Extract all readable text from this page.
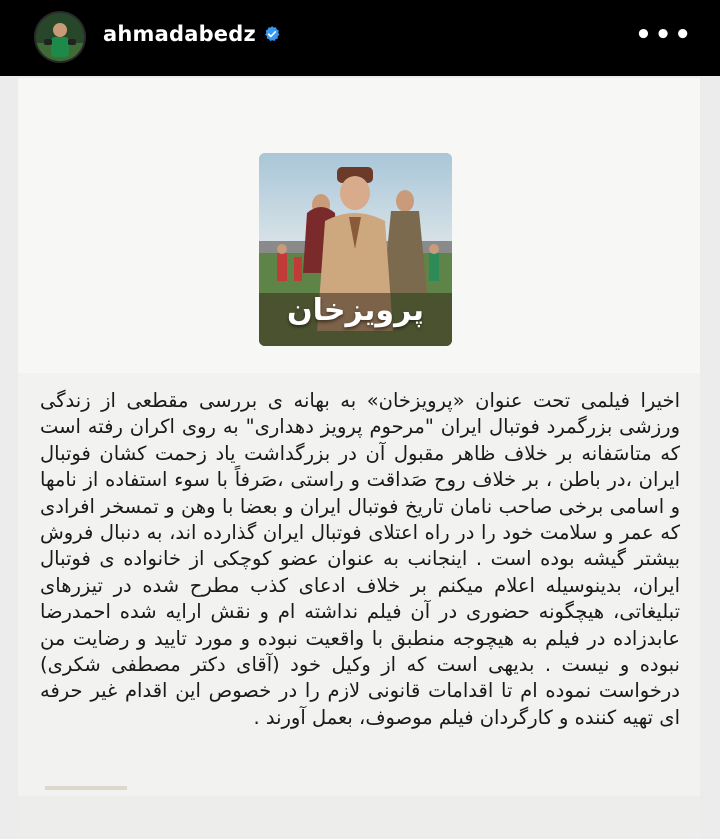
ahmadabedz	•••
پرویزخان
اخیرا فیلمی تحت عنوان «پرویزخان» به بهانه ی بررسی مقطعی از زندگی ورزشی بزرگمرد فوتبال ایران "مرحوم پرویز دهداری" به روی اکران رفته است که متاسَفانه بر خلاف ظاهر مقبول آن در بزرگداشت یاد زحمت کشان فوتبال ایران ،در باطن ، بر خلاف روح صَداقت و راستی ،صَرفاً با سوء استفاده از نامها و اسامی برخی صاحب نامان تاریخ فوتبال ایران و بعضا با وهن و تمسخر افرادی که عمر و سلامت خود را در راه اعتلای فوتبال ایران گذارده اند، به دنبال فروش بیشتر گیشه بوده است . اینجانب به عنوان عضو کوچکی از خانواده ی فوتبال ایران، بدینوسیله اعلام میکنم بر خلاف ادعای کذب مطرح شده در تیزرهای تبلیغاتی، هیچگونه حضوری در آن فیلم نداشته ام و نقش ارایه شده احمدرضا عابدزاده در فیلم به هیچوجه منطبق با واقعیت نبوده و مورد تایید و رضایت من نبوده و نیست . بدیهی است که از وکیل خود (آقای دکتر مصطفی شکری) درخواست نموده ام تا اقدامات قانونی لازم را در خصوص این اقدام غیر حرفه ای تهیه کننده و کارگردان فیلم موصوف، بعمل آورند .
